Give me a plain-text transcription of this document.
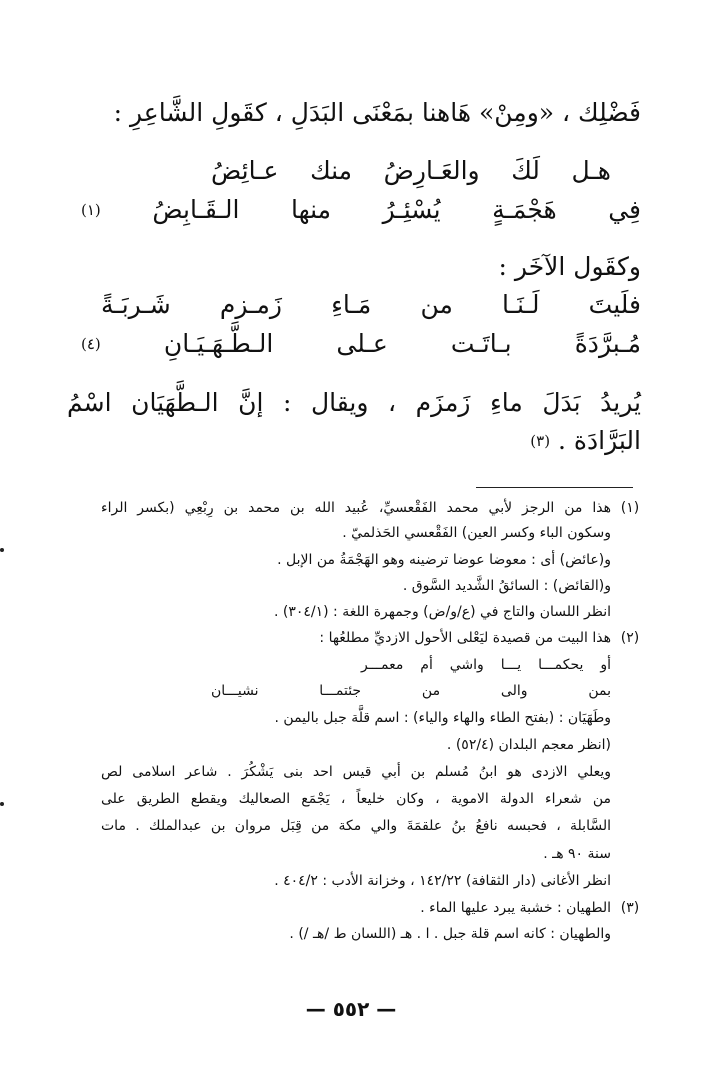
فَضْلِك ، «ومِنْ» هَاهنا بمَعْنَى البَدَلِ ، كقَولِ الشَّاعِرِ :
هـل لَكَ والعَـارِضُ منك عـائِضُ
فِي هَجْمَـةٍ يُسْئِـرُ منها الـقَـابِضُ $^{(١)}$
وكقَول الآخَر :
فلَيتَ لَـنَـا من مَـاءِ زَمـزم شَـربَـةً
مُـبرَّدَةً بـاتَـت عـلى الـطَّـهَـيَـانِ $^{(٤)}$
يُريدُ بَدَلَ ماءِ زَمزَم ، ويقال : إنَّ الـطَّهَيَان اسْمُ
البَرَّادَة . $^{(٣)}$
(١)
هذا من الرجز لأبي محمد الفَقْعسيِّ، عُبيد الله بن محمد بن رِبْعِي (بكسر الراء
وسكون الباء وكسر العين) الفَقْعسي الحَذلميّ .
و(عائض) أى : معوضا عوضا ترضينه وهو الهَجْمَةُ من الإبل .
و(القائض) : السائقُ الشَّديد السَّوق .
انظر اللسان والتاج في (ع/و/ض) وجمهرة اللغة : (٣٠٤/١) .
(٢)
هذا البيت من قصيدة ليَعْلى الأحول الازديِّ مطلعُها :
أو يحكمـــا يـــا واشي أم معمـــر
بمن والى من جئتمـــا نشيـــان
وطَهَيَان : (بفتح الطاء والهاء والياء) : اسم قلَّة جبل باليمن .
(انظر معجم البلدان (٥٢/٤) .
ويعلي الازدى هو ابنُ مُسلم بن أبي قيس احد بنى يَشْكُرَ . شاعر اسلامى لص
من شعراء الدولة الاموية ، وكان خليعاً ، يَجْمَع الصعاليك ويقطع الطريق على
السَّابلة ، فحبسه نافعُ بنُ علقمَةَ والي مكة من قِبَل مروان بن عبدالملك . مات
سنة ٩٠ هـ .
انظر الأغانى (دار الثقافة) ١٤٢/٢٢ ، وخزانة الأدب : ٤٠٤/٢ .
(٣)
الطهيان : خشبة يبرد عليها الماء .
والطهيان : كانه اسم قلة جبل . ا . هـ (اللسان ط /هـ /) .
— ٥٥٢ —
